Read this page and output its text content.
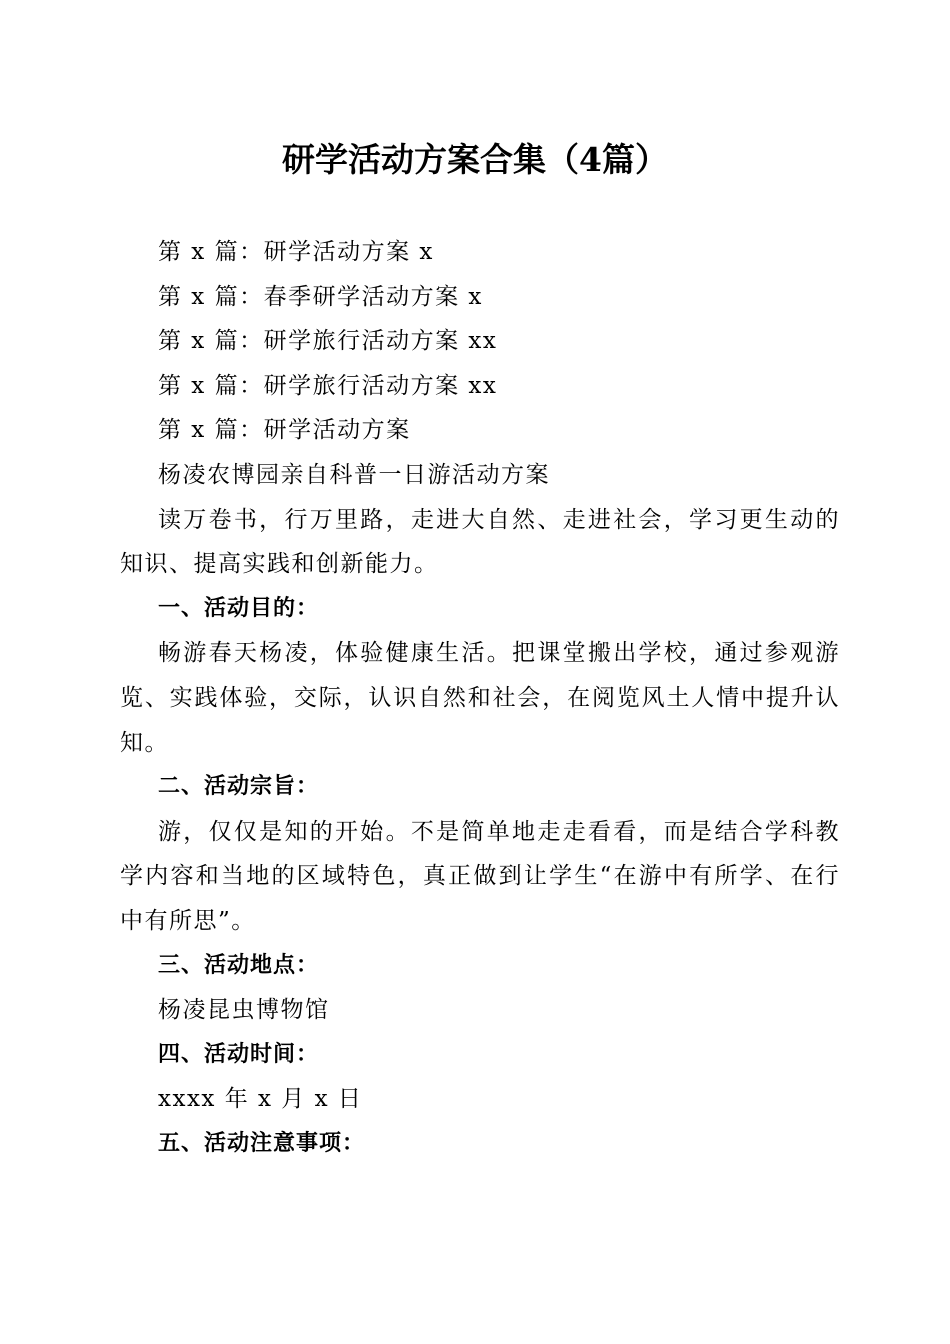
研学活动方案合集（4篇）

第 x 篇：研学活动方案 x

第 x 篇：春季研学活动方案 x

第 x 篇：研学旅行活动方案 xx

第 x 篇：研学旅行活动方案 xx

第 x 篇：研学活动方案

杨凌农博园亲自科普一日游活动方案

读万卷书，行万里路，走进大自然、走进社会，学习更生动的知识、提高实践和创新能力。

一、活动目的：

畅游春天杨凌，体验健康生活。把课堂搬出学校，通过参观游览、实践体验，交际，认识自然和社会，在阅览风土人情中提升认知。

二、活动宗旨：

游，仅仅是知的开始。不是简单地走走看看，而是结合学科教学内容和当地的区域特色，真正做到让学生“在游中有所学、在行中有所思”。

三、活动地点：

杨凌昆虫博物馆

四、活动时间：

xxxx 年 x 月 x 日

五、活动注意事项：
